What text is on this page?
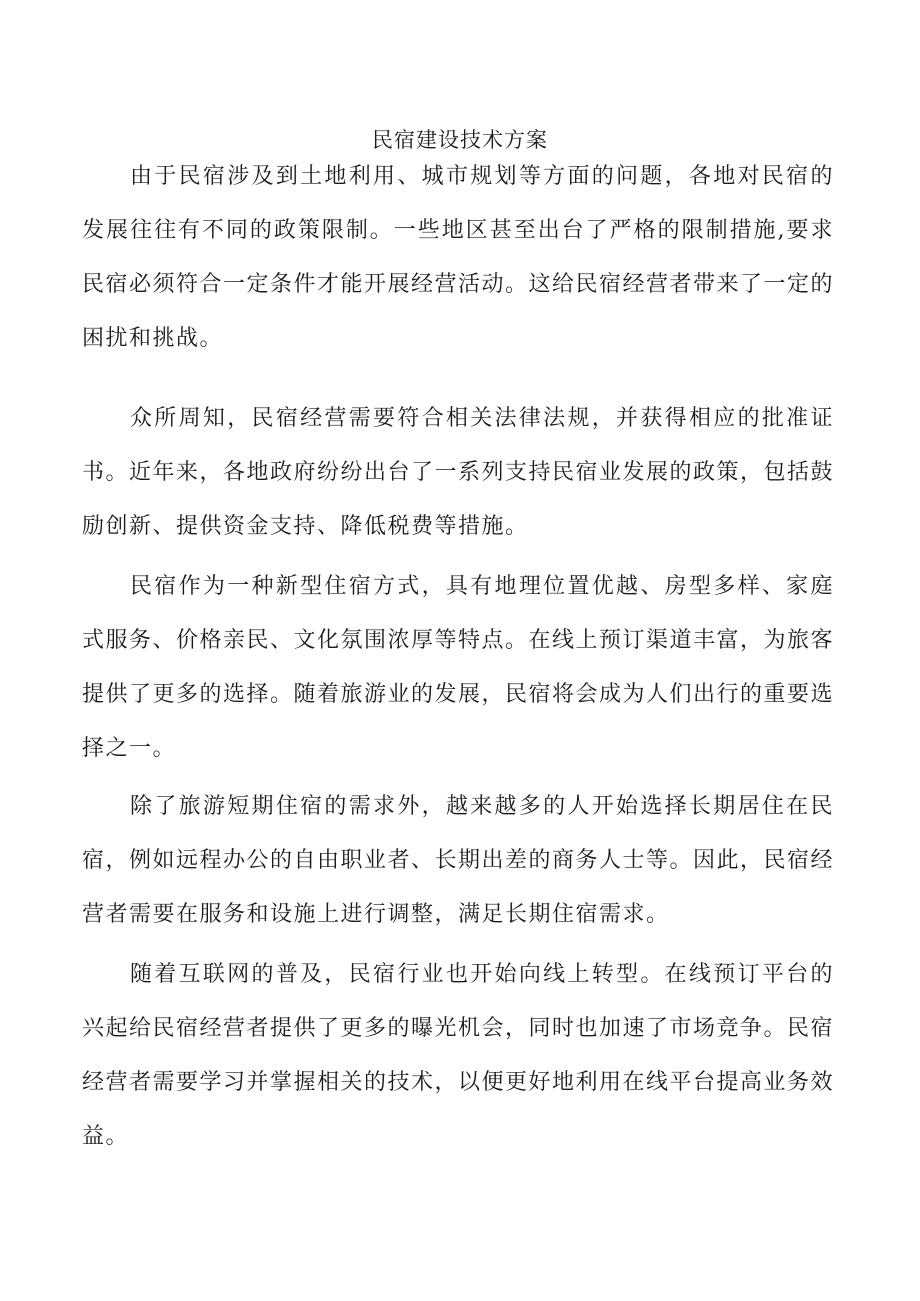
民宿建设技术方案

由于民宿涉及到土地利用、城市规划等方面的问题，各地对民宿的发展往往有不同的政策限制。一些地区甚至出台了严格的限制措施,要求民宿必须符合一定条件才能开展经营活动。这给民宿经营者带来了一定的困扰和挑战。

众所周知，民宿经营需要符合相关法律法规，并获得相应的批准证书。近年来，各地政府纷纷出台了一系列支持民宿业发展的政策，包括鼓励创新、提供资金支持、降低税费等措施。

民宿作为一种新型住宿方式，具有地理位置优越、房型多样、家庭式服务、价格亲民、文化氛围浓厚等特点。在线上预订渠道丰富，为旅客提供了更多的选择。随着旅游业的发展，民宿将会成为人们出行的重要选择之一。

除了旅游短期住宿的需求外，越来越多的人开始选择长期居住在民宿，例如远程办公的自由职业者、长期出差的商务人士等。因此，民宿经营者需要在服务和设施上进行调整，满足长期住宿需求。

随着互联网的普及，民宿行业也开始向线上转型。在线预订平台的兴起给民宿经营者提供了更多的曝光机会，同时也加速了市场竞争。民宿经营者需要学习并掌握相关的技术，以便更好地利用在线平台提高业务效益。
